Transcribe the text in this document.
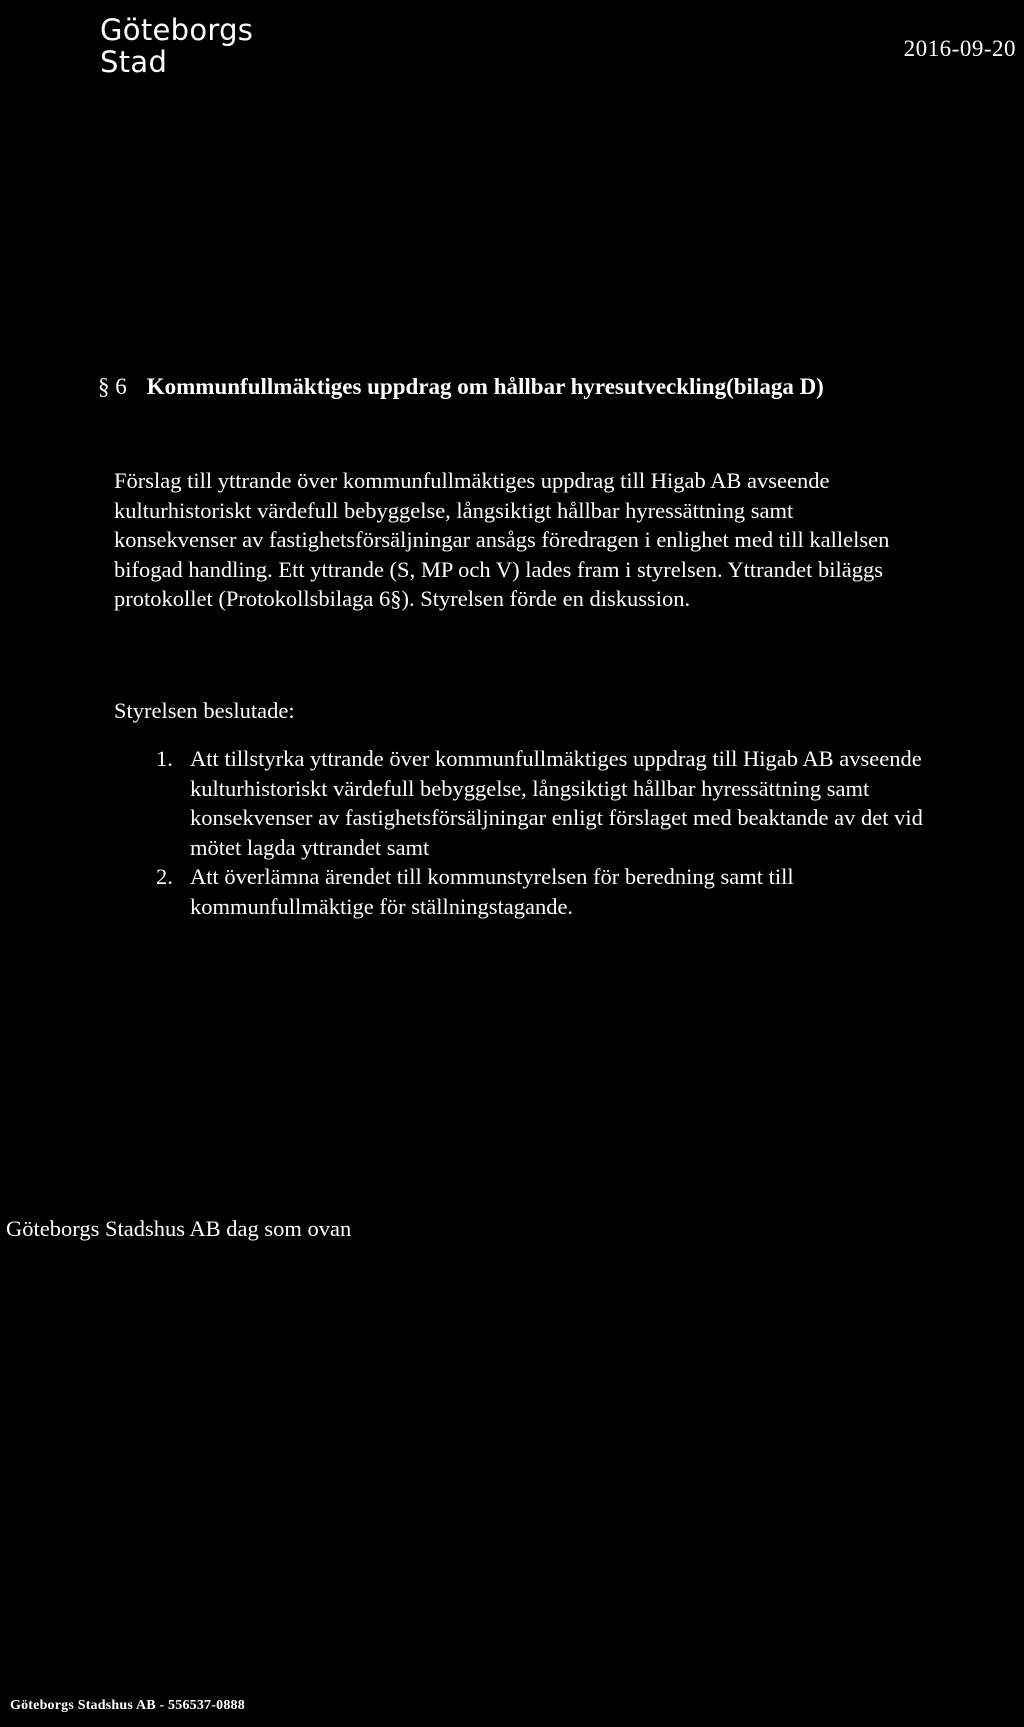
Göteborgs
Stad	2016-09-20
§ 6 Kommunfullmäktiges uppdrag om hållbar hyresutveckling(bilaga D)

Förslag till yttrande över kommunfullmäktiges uppdrag till Higab AB avseende

kulturhistoriskt värdefull bebyggelse, långsiktigt hållbar hyressättning samt

konsekvenser av fastighetsförsäljningar ansågs föredragen i enlighet med till kallelsen

bifogad handling. Ett yttrande (S, MP och V) lades fram i styrelsen. Yttrandet biläggs

protokollet (Protokollsbilaga 6§). Styrelsen förde en diskussion.

Styrelsen beslutade:
1. Att tillstyrka yttrande över kommunfullmäktiges uppdrag till Higab AB avseende
kulturhistoriskt värdefull bebyggelse, långsiktigt hållbar hyressättning samt
konsekvenser av fastighetsförsäljningar enligt förslaget med beaktande av det vid
mötet lagda yttrandet samt
2. Att överlämna ärendet till kommunstyrelsen för beredning samt till
kommunfullmäktige för ställningstagande.
Göteborgs Stadshus AB dag som ovan
Göteborgs Stadshus AB - 556537-0888
